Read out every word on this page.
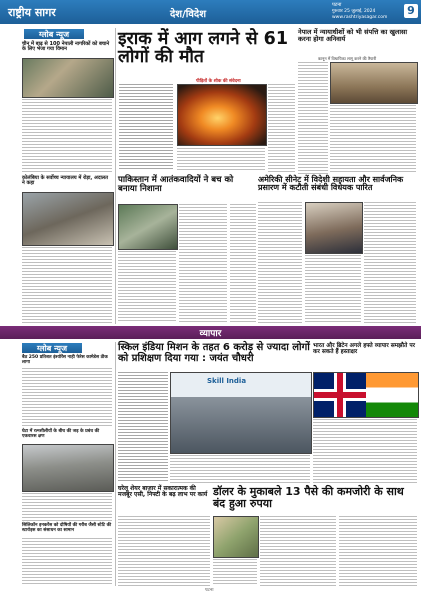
राष्ट्रीय सागर	देश/विदेश
पटना
गुरुवार 25 जुलाई, 2024
www.rashtriyasagar.com
9
ग्लोब न्यूज
चीन में बाढ़ से 100 नेपाली नागरिकों को बचाने के लिए भेजा गया विमान
कोलंबिया के सर्वोच्च न्यायालय में रोड़ा, अदालत ने कहा
इराक में आग लगने से 61 लोगों की मौत
पीड़ितों के शोक की संवेदना
नेपाल में न्यायाधीशों को भी संपत्ति का खुलासा करना होगा अनिवार्य
कानून में विधायिका लागू करने की तैयारी
पाकिस्तान में आतंकवादियों ने बच को बनाया निशाना
अमेरिकी सीनेट में विदेशी सहायता और सार्वजनिक प्रसारण में कटौती संबंधी विधेयक पारित
व्यापार
ग्लोब न्यूज
बैठ 250 प्रतिशत इंश्योरेंस नाही फेरेस कामेडेस ठीक लागा
घेटा में रत्नशीलीयों के बीच की जड़ के प्रबंध की एकवारस क्षण
सिलिकॉन इनकरेंस को दोषियों की गरीब जैसी स्टेटि की स्टारोइस का संसाधन का सामान
स्किल इंडिया मिशन के तहत 6 करोड़ से ज्यादा लोगों को प्रशिक्षण दिया गया : जयंत चौधरी
Skill India
भारत और ब्रिटेन अगले हफ्ते व्यापार समझौते पर कर सकते हैं हस्ताक्षर
घरेलू शेयर बाजार में सकारात्मक की मजबूर एसी, निफ्टी के बढ़ लाभ पर कार्य डॉलर के मुकाबले 13 पैसे की कमजोरी के साथ बंद हुआ रुपया
पटना
